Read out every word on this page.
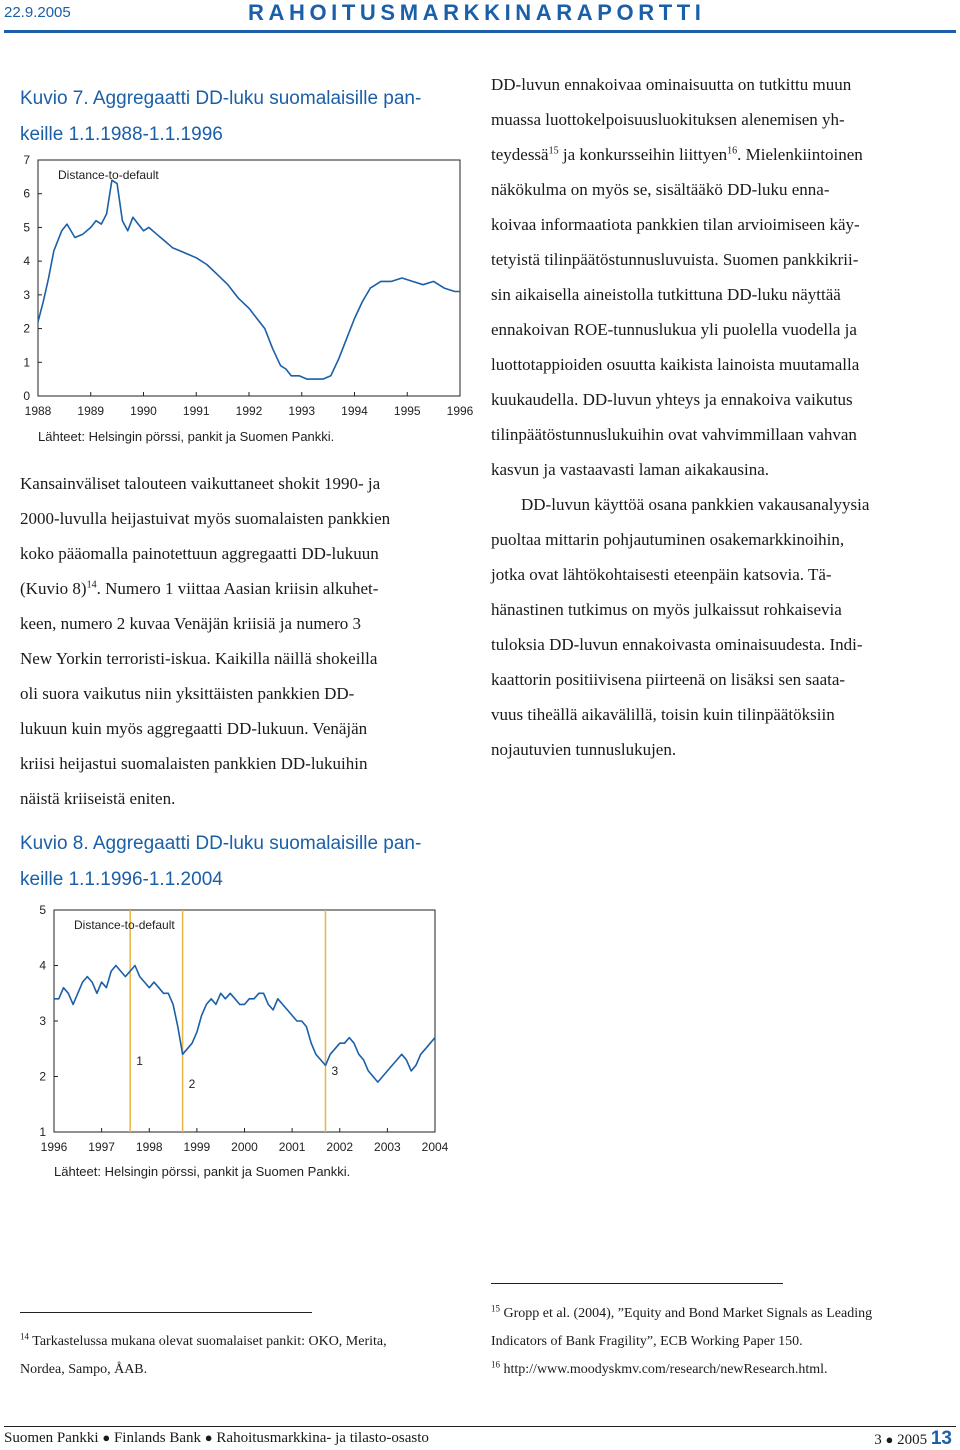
22.9.2005	RAHOITUSMARKKINARAPORTTI
Kuvio 7. Aggregaatti DD-luku suomalaisille pan-
keille 1.1.1988-1.1.1996
0
1
2
3
4
5
6
7
1988 1989 1990 1991 1992 1993 1994 1995 1996
Distance-to-default
Lähteet: Helsingin pörssi, pankit ja Suomen Pankki.

Kansainväliset talouteen vaikuttaneet shokit 1990- ja
2000-luvulla heijastuivat myös suomalaisten pankkien
koko pääomalla painotettuun aggregaatti DD-lukuun
(Kuvio 8)$^{14}$. Numero 1 viittaa Aasian kriisin alkuhet-
keen, numero 2 kuvaa Venäjän kriisiä ja numero 3
New Yorkin terroristi-iskua. Kaikilla näillä shokeilla
oli suora vaikutus niin yksittäisten pankkien DD-
lukuun kuin myös aggregaatti DD-lukuun. Venäjän
kriisi heijastui suomalaisten pankkien DD-lukuihin
näistä kriiseistä eniten.

Kuvio 8. Aggregaatti DD-luku suomalaisille pan-
keille 1.1.1996-1.1.2004
1
2
3
4
5
1996 1997 1998 1999 2000 2001 2002 2003 2004
1
2
3
Distance-to-default
Lähteet: Helsingin pörssi, pankit ja Suomen Pankki.

DD-luvun ennakoivaa ominaisuutta on tutkittu muun
muassa luottokelpoisuusluokituksen alenemisen yh-
teydessä$^{15}$ ja konkursseihin liittyen$^{16}$. Mielenkiintoinen
näkökulma on myös se, sisältääkö DD-luku enna-
koivaa informaatiota pankkien tilan arvioimiseen käy-
tetyistä tilinpäätöstunnusluvuista. Suomen pankkikrii-
sin aikaisella aineistolla tutkittuna DD-luku näyttää
ennakoivan ROE-tunnuslukua yli puolella vuodella ja
luottotappioiden osuutta kaikista lainoista muutamalla
kuukaudella. DD-luvun yhteys ja ennakoiva vaikutus
tilinpäätöstunnuslukuihin ovat vahvimmillaan vahvan
kasvun ja vastaavasti laman aikakausina.

DD-luvun käyttöä osana pankkien vakausanalyysia
puoltaa mittarin pohjautuminen osakemarkkinoihin,
jotka ovat lähtökohtaisesti eteenpäin katsovia. Tä-
hänastinen tutkimus on myös julkaissut rohkaisevia
tuloksia DD-luvun ennakoivasta ominaisuudesta. Indi-
kaattorin positiivisena piirteenä on lisäksi sen saata-
vuus tiheällä aikavälillä, toisin kuin tilinpäätöksiin
nojautuvien tunnuslukujen.

$^{14}$ Tarkastelussa mukana olevat suomalaiset pankit: OKO, Merita,
Nordea, Sampo, ÅAB.

$^{15}$ Gropp et al. (2004), ”Equity and Bond Market Signals as Leading
Indicators of Bank Fragility”, ECB Working Paper 150.
$^{16}$ http://www.moodyskmv.com/research/newResearch.html.

Suomen Pankki ● Finlands Bank ● Rahoitusmarkkina- ja tilasto-osasto	3 ● 2005 13
